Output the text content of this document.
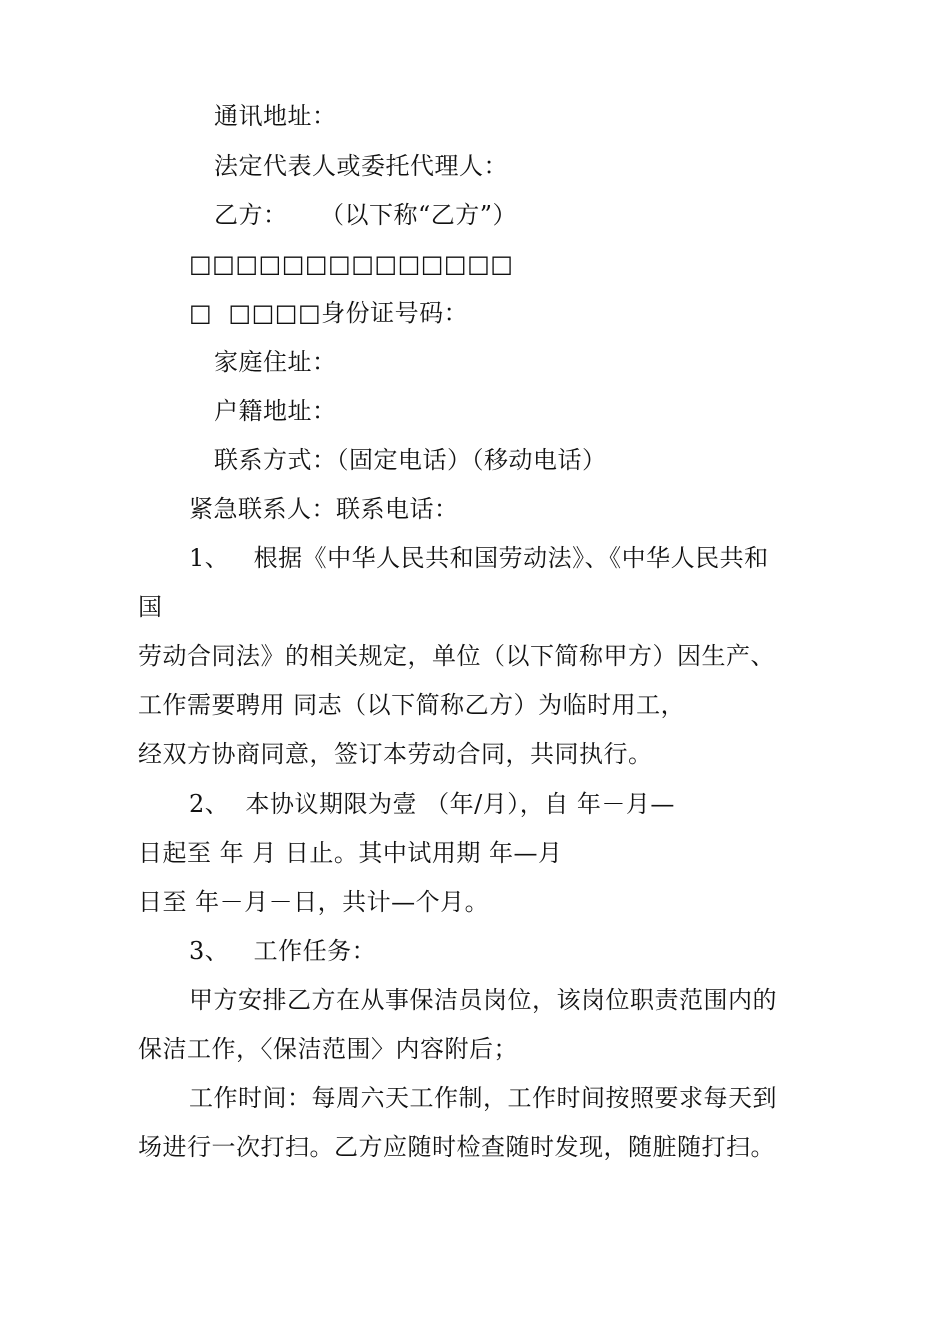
通讯地址：
法定代表人或委托代理人：
乙方：    （以下称“乙方”）
□□□□□□□□□□□□□□
□  □□□□身份证号码：
家庭住址：
户籍地址：
联系方式：（固定电话）（移动电话）
紧急联系人：联系电话：
1、   根据《中华人民共和国劳动法》、《中华人民共和
国
劳动合同法》的相关规定，单位（以下简称甲方）因生产、
工作需要聘用 同志（以下简称乙方）为临时用工，
经双方协商同意，签订本劳动合同，共同执行。
2、  本协议期限为壹 （年/月），自 年－月—
日起至 年 月 日止。其中试用期 年—月
日至 年－月－日，共计—个月。
3、   工作任务：
甲方安排乙方在从事保洁员岗位，该岗位职责范围内的
保洁工作，〈保洁范围〉内容附后；
工作时间：每周六天工作制，工作时间按照要求每天到
场进行一次打扫。乙方应随时检查随时发现，随脏随打扫。
